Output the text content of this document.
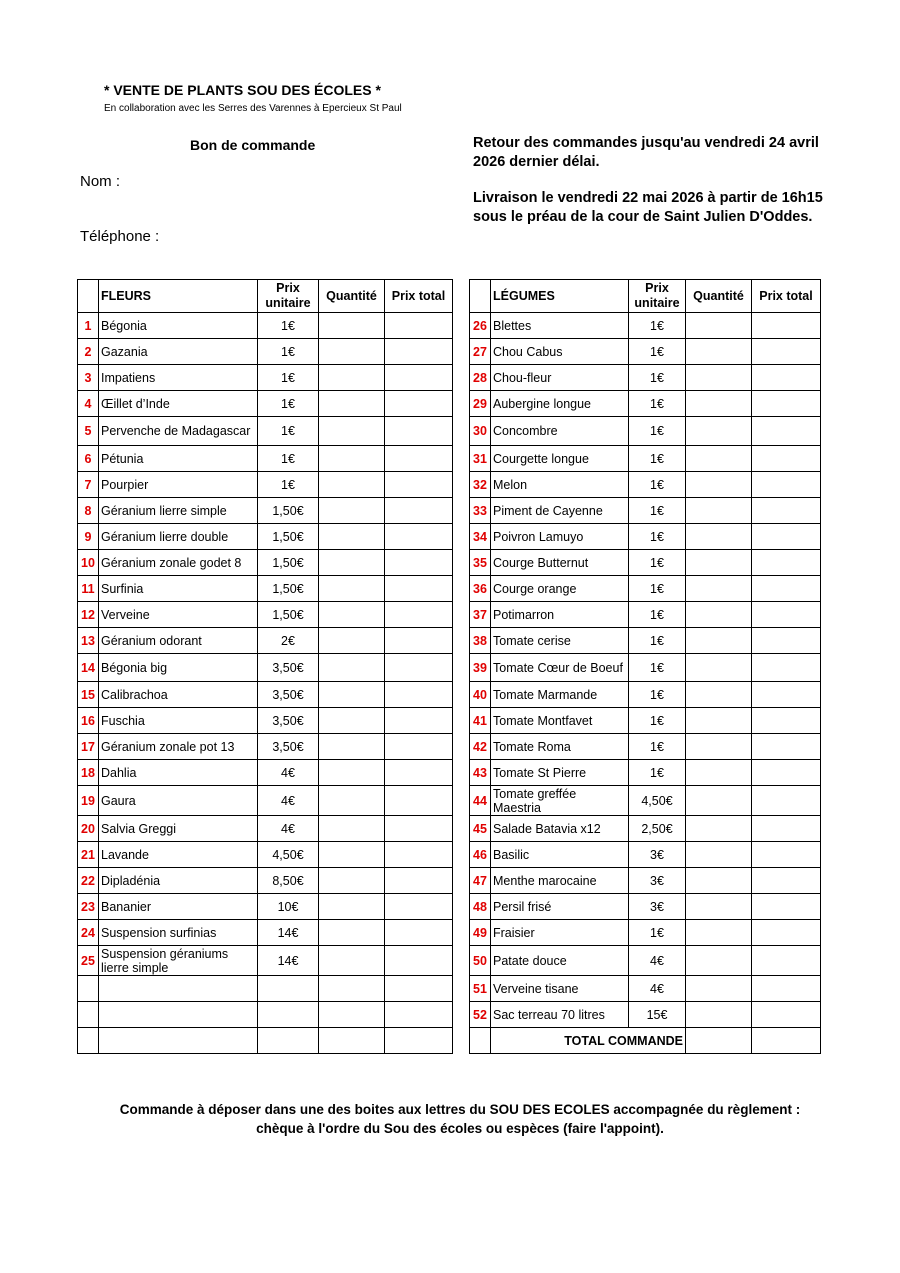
* VENTE DE PLANTS SOU DES ÉCOLES *
En collaboration avec les Serres des Varennes à Epercieux St Paul
Bon de commande
Nom :
Téléphone :
Retour des commandes jusqu'au vendredi 24 avril 2026 dernier délai.
Livraison le vendredi 22 mai 2026 à partir de 16h15 sous le préau de la cour de Saint Julien D'Oddes.
	FLEURS	Prix unitaire	Quantité	Prix total
1	Bégonia	1€		
2	Gazania	1€		
3	Impatiens	1€		
4	Œillet d’Inde	1€		
5	Pervenche de Madagascar	1€		
6	Pétunia	1€		
7	Pourpier	1€		
8	Géranium lierre simple	1,50€		
9	Géranium lierre double	1,50€		
10	Géranium zonale godet 8	1,50€		
11	Surfinia	1,50€		
12	Verveine	1,50€		
13	Géranium odorant	2€		
14	Bégonia big	3,50€		
15	Calibrachoa	3,50€		
16	Fuschia	3,50€		
17	Géranium zonale pot 13	3,50€		
18	Dahlia	4€		
19	Gaura	4€		
20	Salvia Greggi	4€		
21	Lavande	4,50€		
22	Dipladénia	8,50€		
23	Bananier	10€		
24	Suspension surfinias	14€		
25	Suspension géraniums lierre simple	14€		

	LÉGUMES	Prix unitaire	Quantité	Prix total
26	Blettes	1€		
27	Chou Cabus	1€		
28	Chou-fleur	1€		
29	Aubergine longue	1€		
30	Concombre	1€		
31	Courgette longue	1€		
32	Melon	1€		
33	Piment de Cayenne	1€		
34	Poivron Lamuyo	1€		
35	Courge Butternut	1€		
36	Courge orange	1€		
37	Potimarron	1€		
38	Tomate cerise	1€		
39	Tomate Cœur de Boeuf	1€		
40	Tomate Marmande	1€		
41	Tomate Montfavet	1€		
42	Tomate Roma	1€		
43	Tomate St Pierre	1€		
44	Tomate greffée Maestria	4,50€		
45	Salade Batavia x12	2,50€		
46	Basilic	3€		
47	Menthe marocaine	3€		
48	Persil frisé	3€		
49	Fraisier	1€		
50	Patate douce	4€		
51	Verveine tisane	4€		
52	Sac terreau 70 litres	15€		
	TOTAL COMMANDE			
Commande à déposer dans une des boites aux lettres du SOU DES ECOLES accompagnée du règlement : chèque à l'ordre du Sou des écoles ou espèces (faire l'appoint).
